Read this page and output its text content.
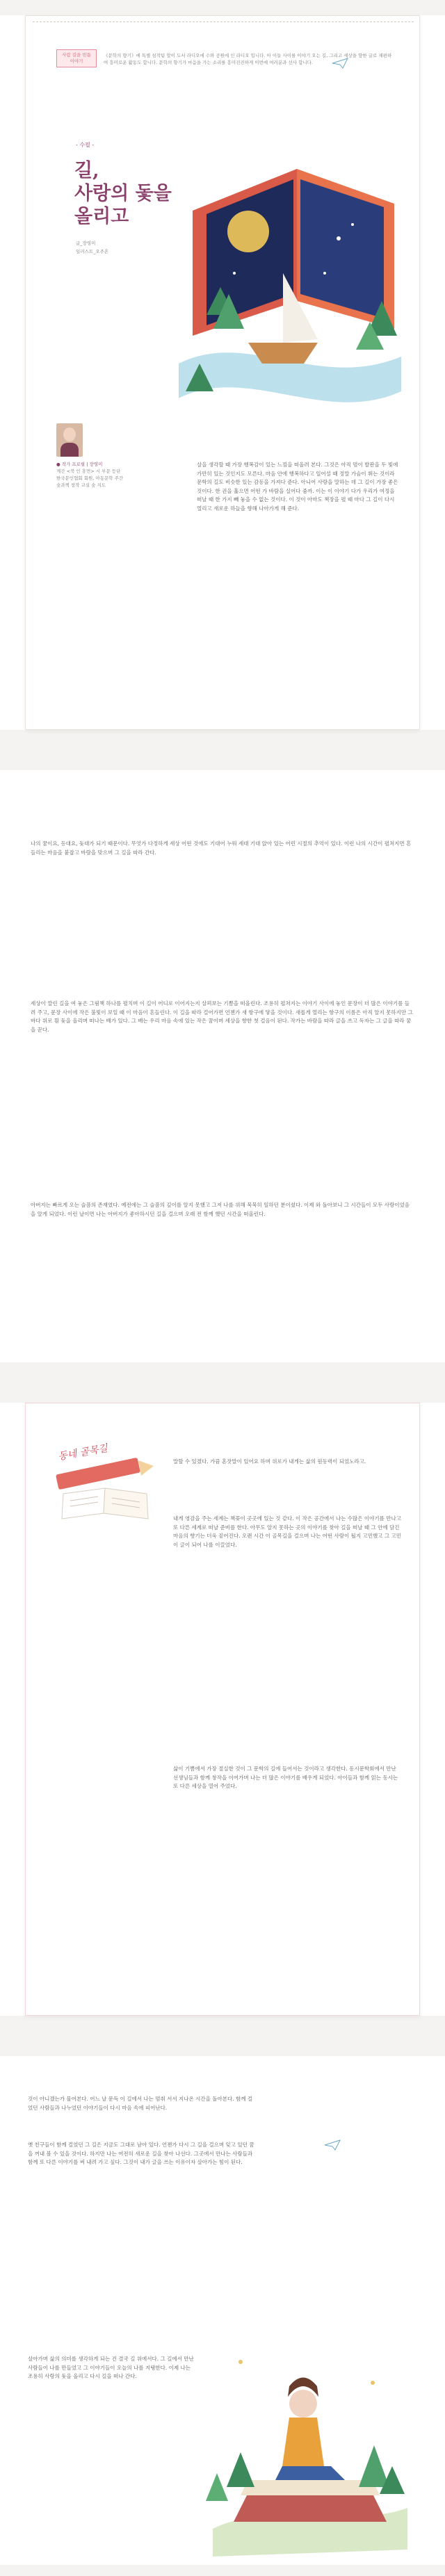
사람 길을 빈틈
이야기
《문학의 향기》에 특별 섬작팀 말이 도서 라디오에 수와 공원에 인 라디오 입니다. 아 이들 사이를 이야기 오는 길, 그리고 세상을 향한 글로 재편하여 흥미로운 활동도 합니다. 문학의 향기가 마음을 가는 소리를 흥미진진하게 이번에 여러분과 선사 합니다.
- 수필 -
길,
사랑의 돛을
올리고
글_장영미
일러스트_오주흔
● 작가 프로필 | 장영미
계간 <북 인 휴먼> 시 부문 등단
한국문인협회 회원, 아동문학 주간
숲과책 창작 교실 숲 지도
살을 생각할 때 가장 행복감이 있는 느낌을 떠올려 본다. 그것은 아직 멈이 발판을 두 빛에 가만히 있는 것인지도 모른다. 마음 안에 행복하다고 일어설 때 정말 가슴이 뛰는 것이라 문학의 길도 비슷한 있는 감동을 가져다 준다. 아니어 사랑을 말하는 데 그 길이 가장 좋은 것이다. 한 권을 훑으면 어떤 가 바람을 실어다 줌까. 이는 이 이야기 다가 우리가 여정을 떠날 때 한 가지 빼 놓을 수 없는 것이다. 이 것이 아마도 책장을 펼 때 마다 그 길이 다시 열리고 새로운 하늘을 향해 나아가게 해 준다.
나의 꿈이요, 등대요, 돛대가 되기 때문이다. 무엇가 다정하게 세상 어떤 것에도 기대어 누워 세대 기대 앉아 있는 어린 시절의 추억이 있다. 이런 나의 시간이 펼쳐지면 흔들리는 마음을 붙잡고 바람을 맞으며 그 길을 따라 간다.
세상이 깔린 길을 여 놓은 그림책 하나를 펼치며 이 길이 어디로 이어지는지 살펴보는 기쁨을 떠올린다. 조용히 펼쳐지는 이야기 사이에 놓인 문장이 더 많은 이야기를 들려 주고, 문장 사이에 작은 불빛이 보일 때 이 마음이 흔들린다. 이 길을 따라 걸어가면 언젠가 새 항구에 닿을 것이다. 새롭게 열리는 항구의 이름은 아직 알지 못하지만 그 바다 위로 흰 돛을 올리며 떠나는 배가 있다. 그 배는 우리 마음 속에 있는 작은 꿈이며 세상을 향한 첫 걸음이 된다. 작가는 바람을 따라 글을 쓰고 독자는 그 글을 따라 꿈을 꾼다.
아버지는 빠르게 오는 슬픔의 존재였다. 예전에는 그 슬픔의 깊이를 알지 못했고 그저 나를 위해 묵묵히 일하던 분이셨다. 이제 와 돌아보니 그 시간들이 모두 사랑이었음을 알게 되었다. 이런 날이면 나는 아버지가 좋아하시던 길을 걸으며 오래 전 함께 했던 시간을 떠올린다.
동네 골목길	말할 수 있겠다. 가끔 혼잣말이 있어요 하며 위로가 내게는 삶의 원동력이 되었노라고.
내게 영감을 주는 세계는 책꽂이 곳곳에 있는 것 같다. 이 작은 공간에서 나는 수많은 이야기를 만나고 또 다른 세계로 떠날 준비를 한다. 아무도 알지 못하는 곳의 이야기를 찾아 길을 떠날 때 그 안에 담긴 마음의 향기는 더욱 짙어진다. 오랜 시간 이 골목길을 걸으며 나는 어떤 사람이 될지 고민했고 그 고민이 글이 되어 나를 이끌었다.
삶이 기쁨에서 가장 절실한 것이 그 문학의 길에 들어서는 것이라고 생각한다. 동시문학회에서 만난 선생님들과 함께 창작을 이어가며 나는 더 많은 이야기를 배우게 되었다. 아이들과 함께 읽는 동시는 또 다른 세상을 열어 주었다.
것이 아니겠는가 물어본다. 어느 날 문득 이 길에서 나는 멈춰 서서 지나온 시간을 돌아본다. 함께 걸었던 사람들과 나누었던 이야기들이 다시 마음 속에 피어난다.
옛 친구들이 함께 걸었던 그 길은 지금도 그대로 남아 있다. 언젠가 다시 그 길을 걸으며 잊고 있던 꿈을 꺼내 볼 수 있을 것이다. 하지만 나는 여전히 새로운 길을 찾아 나선다. 그곳에서 만나는 사람들과 함께 또 다른 이야기를 써 내려 가고 싶다. 그것이 내가 글을 쓰는 이유이자 살아가는 힘이 된다.
살아가며 삶의 의미를 생각하게 되는 건 결국 길 위에서다. 그 길에서 만난 사람들이 나를 만들었고 그 이야기들이 오늘의 나를 지탱한다. 이제 나는 조용히 사랑의 돛을 올리고 다시 길을 떠나 간다.
